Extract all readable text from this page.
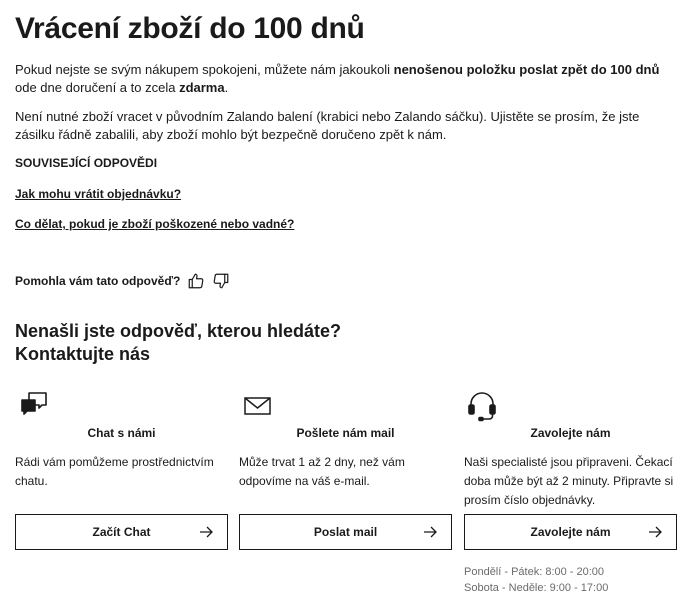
Vrácení zboží do 100 dnů

Pokud nejste se svým nákupem spokojeni, můžete nám jakoukoli nenošenou položku poslat zpět do 100 dnů ode dne doručení a to zcela zdarma.

Není nutné zboží vracet v původním Zalando balení (krabici nebo Zalando sáčku). Ujistěte se prosím, že jste zásilku řádně zabalili, aby zboží mohlo být bezpečně doručeno zpět k nám.

SOUVISEJÍCÍ ODPOVĚDI
Jak mohu vrátit objednávku?
Co dělat, pokud je zboží poškozené nebo vadné?
Pomohla vám tato odpověď?
Nenašli jste odpověď, kterou hledáte?
Kontaktujte nás
Chat s námi
Rádi vám pomůžeme prostřednictvím chatu.
Začít Chat
Pošlete nám mail
Může trvat 1 až 2 dny, než vám odpovíme na váš e-mail.
Poslat mail
Zavolejte nám
Naši specialisté jsou připraveni. Čekací doba může být až 2 minuty. Připravte si prosím číslo objednávky.
Zavolejte nám
Pondělí - Pátek: 8:00 - 20:00
Sobota - Neděle: 9:00 - 17:00
